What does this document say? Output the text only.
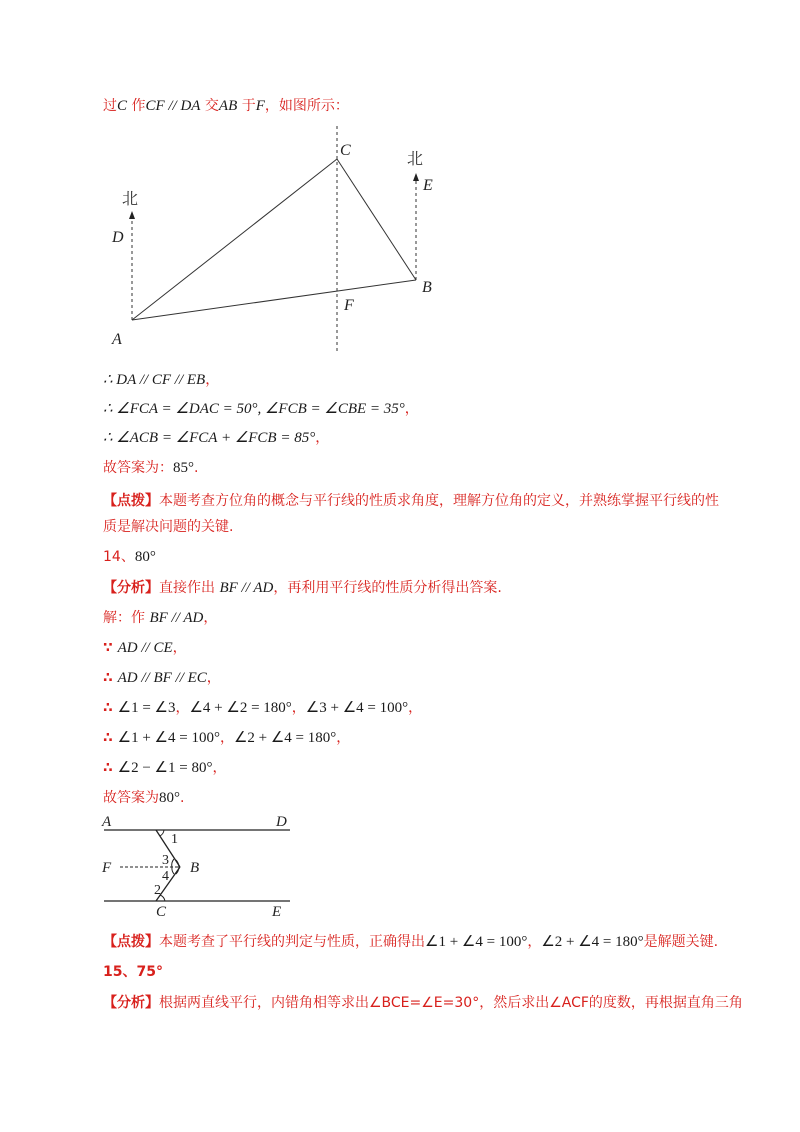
过C 作CF // DA 交AB 于F，如图所示：
北
北
C
D
E
B
F
A
∴ DA // CF // EB，
∴ ∠FCA = ∠DAC = 50°, ∠FCB = ∠CBE = 35°，
∴ ∠ACB = ∠FCA + ∠FCB = 85°，
故答案为：85°.
【点拨】本题考查方位角的概念与平行线的性质求角度，理解方位角的定义，并熟练掌握平行线的性
质是解决问题的关键.
14、80°
【分析】直接作出 BF // AD，再利用平行线的性质分析得出答案.
解：作 BF // AD，
∵ AD // CE，
∴ AD // BF // EC，
∴ ∠1 = ∠3，∠4 + ∠2 = 180°，∠3 + ∠4 = 100°，
∴ ∠1 + ∠4 = 100°，∠2 + ∠4 = 180°，
∴ ∠2 − ∠1 = 80°，
故答案为80°.
A	D
F	B
C	E
1
3
4
2
【点拨】本题考查了平行线的判定与性质，正确得出∠1 + ∠4 = 100°，∠2 + ∠4 = 180°是解题关键.
15、75°
【分析】根据两直线平行，内错角相等求出∠BCE=∠E=30°，然后求出∠ACF的度数，再根据直角三角
